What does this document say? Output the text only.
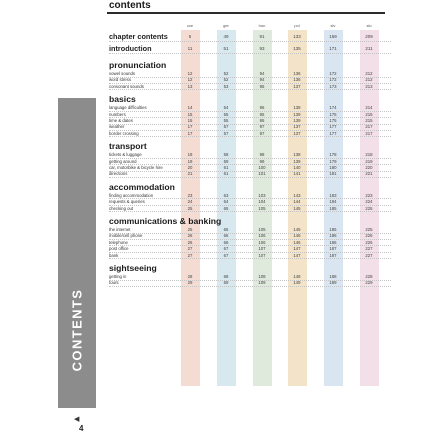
contents
cze	ger	hun	pol	slv	slo
chapter contents	5	49	91	133	169	209
introduction	11	51	93	135	171	211
pronunciation
vowel sounds	12	52	94	136	172	212
word stress	12	52	94	136	172	212
consonant sounds	13	53	95	137	173	213
basics
language difficulties	14	54	96	138	174	214
numbers	15	55	95	139	175	215
time & dates	15	55	95	139	175	215
weather	17	57	97	137	177	217
border crossing	17	57	97	137	177	217
transport
tickets & luggage	18	58	98	138	178	218
getting around	19	59	99	139	179	219
car, motorbike & bicycle hire	20	61	100	140	180	220
directions	21	61	101	141	181	221
accommodation
finding accommodation	23	63	103	143	183	223
requests & queries	24	64	104	144	184	224
checking out	25	65	105	145	185	225
communications & banking
the internet	25	65	105	145	185	225
mobile/cell phone	26	66	106	146	186	226
telephone	26	66	106	146	186	226
post office	27	67	107	147	187	227
bank	27	67	107	147	187	227
sightseeing
getting in	28	68	108	148	188	228
tours	29	69	109	149	189	229
CONTENTS
◀
4
